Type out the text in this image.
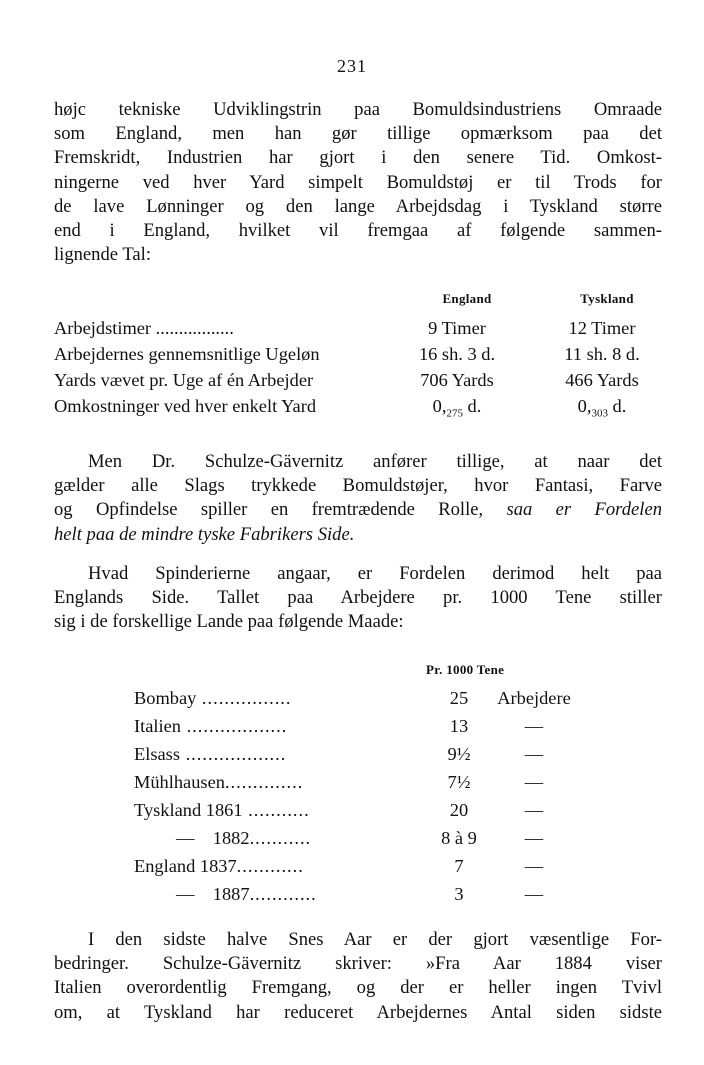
231
højc tekniske Udviklingstrin paa Bomuldsindustriens Omraade
som England, men han gør tillige opmærksom paa det
Fremskridt, Industrien har gjort i den senere Tid. Omkost-
ningerne ved hver Yard simpelt Bomuldstøj er til Trods for
de lave Lønninger og den lange Arbejdsdag i Tyskland større
end i England, hvilket vil fremgaa af følgende sammen-
lignende Tal:
England	Tyskland
Arbejdstimer .................	9 Timer	12 Timer
Arbejdernes gennemsnitlige Ugeløn	16 sh. 3 d.	11 sh. 8 d.
Yards vævet pr. Uge af én Arbejder	706 Yards	466 Yards
Omkostninger ved hver enkelt Yard	$0,_{275}$ d.	$0,_{303}$ d.
Men Dr. Schulze-Gävernitz anfører tillige, at naar det
gælder alle Slags trykkede Bomuldstøjer, hvor Fantasi, Farve
og Opfindelse spiller en fremtrædende Rolle, saa er Fordelen
helt paa de mindre tyske Fabrikers Side.
Hvad Spinderierne angaar, er Fordelen derimod helt paa
Englands Side. Tallet paa Arbejdere pr. 1000 Tene stiller
sig i de forskellige Lande paa følgende Maade:
Pr. 1000 Tene
Bombay ................	25	Arbejdere
Italien ..................	13	—
Elsass ..................	9½	—
Mühlhausen..............	7½	—
Tyskland 1861 ...........	20	—
—    1882...........	8 à 9	—
England 1837............	7	—
—    1887............	3	—
I den sidste halve Snes Aar er der gjort væsentlige For-
bedringer. Schulze-Gävernitz skriver: »Fra Aar 1884 viser
Italien overordentlig Fremgang, og der er heller ingen Tvivl
om, at Tyskland har reduceret Arbejdernes Antal siden sidste
